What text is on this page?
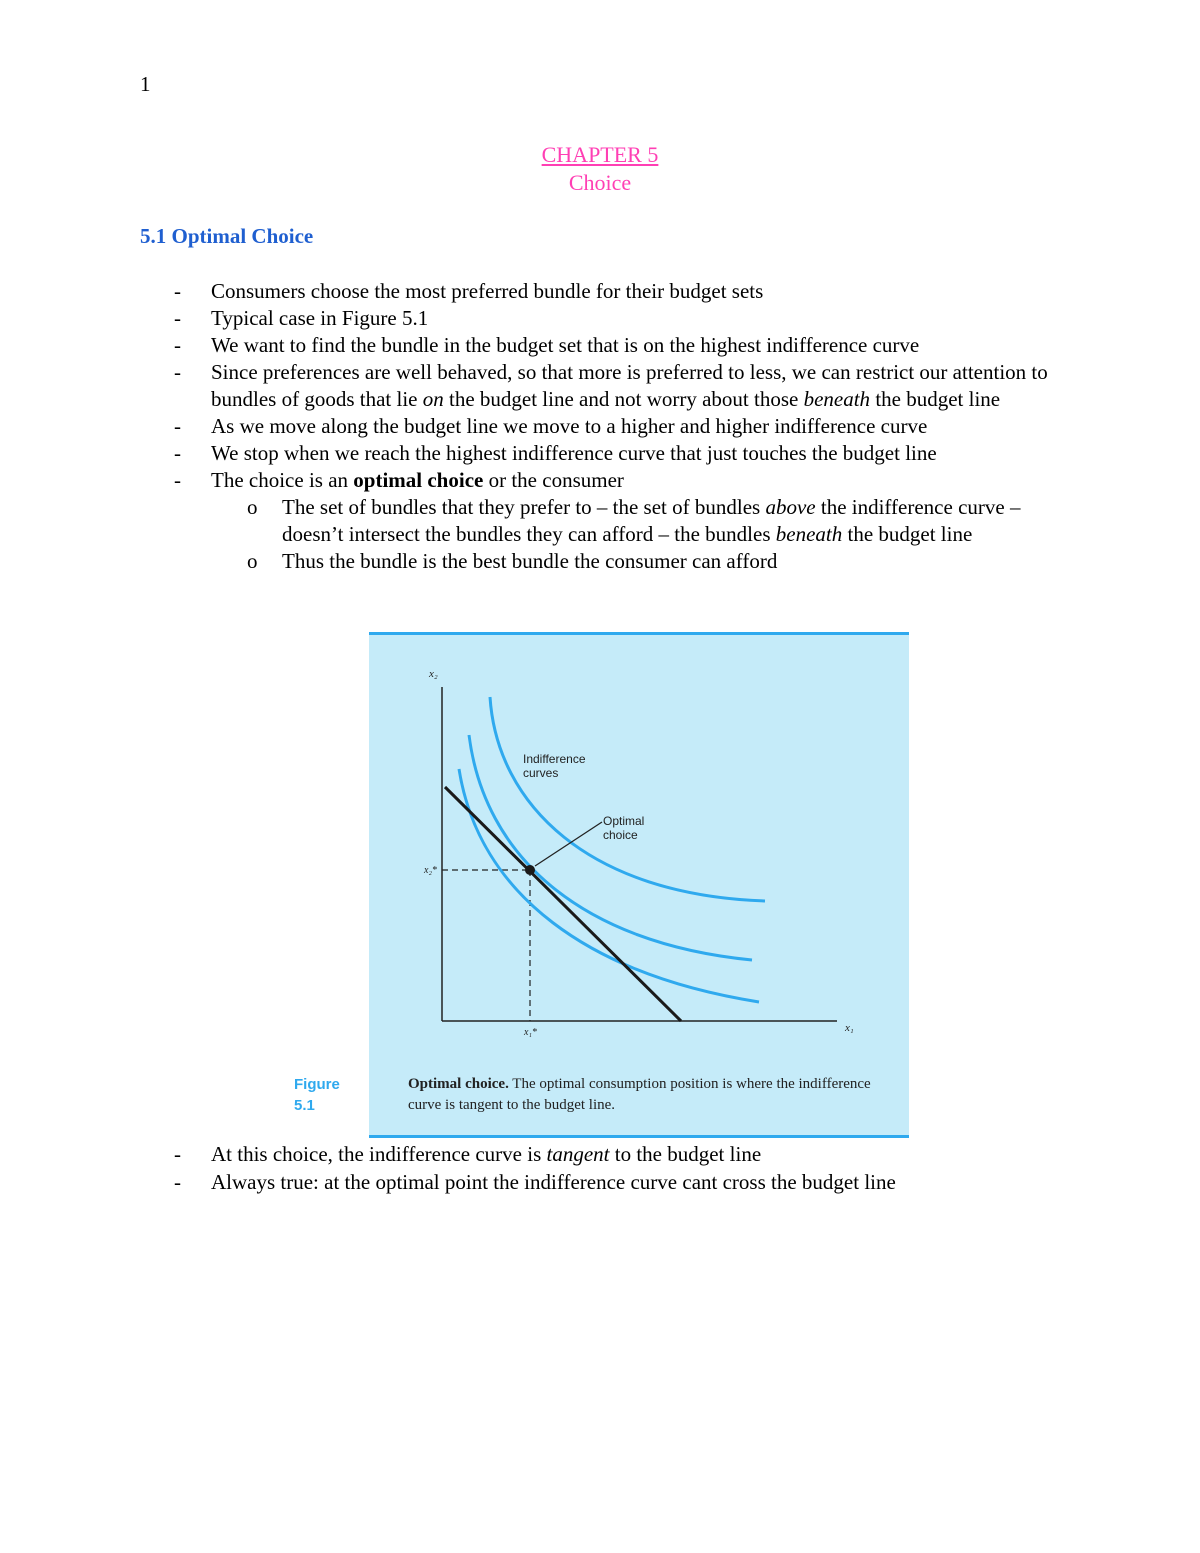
1
CHAPTER 5
Choice
5.1 Optimal Choice
- Consumers choose the most preferred bundle for their budget sets
- Typical case in Figure 5.1
- We want to find the bundle in the budget set that is on the highest indifference curve
- Since preferences are well behaved, so that more is preferred to less, we can restrict our attention to bundles of goods that lie on the budget line and not worry about those beneath the budget line
- As we move along the budget line we move to a higher and higher indifference curve
- We stop when we reach the highest indifference curve that just touches the budget line
- The choice is an optimal choice or the consumer
o The set of bundles that they prefer to – the set of bundles above the indifference curve – doesn’t intersect the bundles they can afford – the bundles beneath the budget line
o Thus the bundle is the best bundle the consumer can afford
x₂
x₁
x₁*
x₂*
Indifference
curves
Optimal
choice
Figure 5.1
Optimal choice. The optimal consumption position is where the indifference curve is tangent to the budget line.
- At this choice, the indifference curve is tangent to the budget line
- Always true: at the optimal point the indifference curve cant cross the budget line
